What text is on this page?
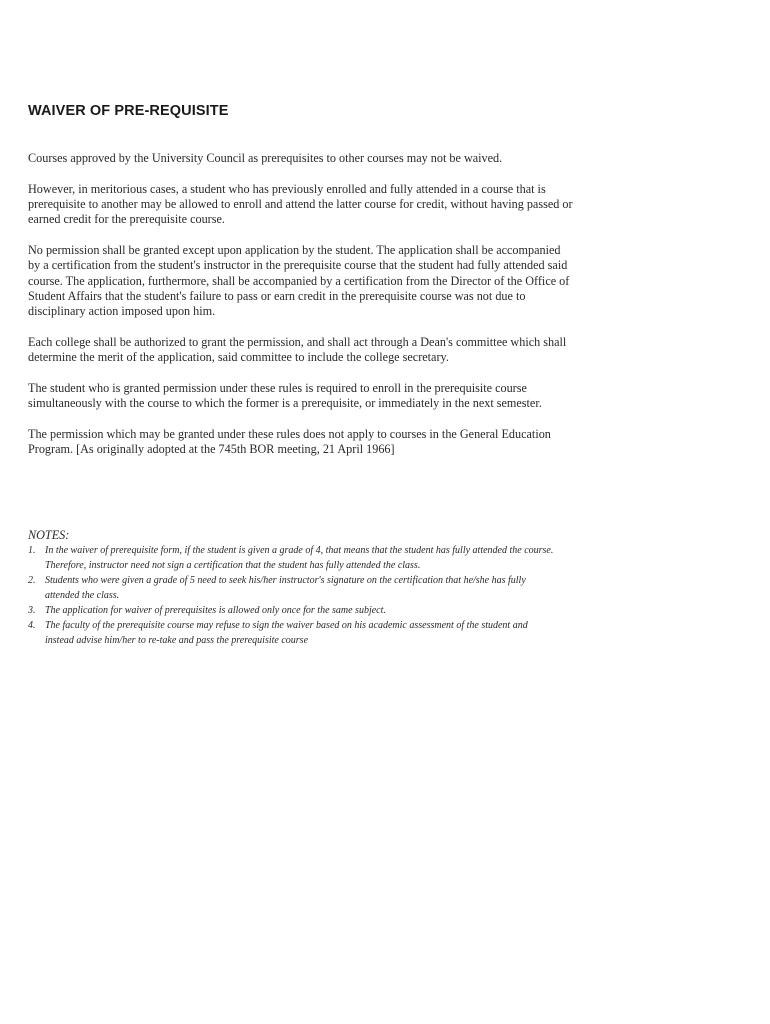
WAIVER OF PRE-REQUISITE

Courses approved by the University Council as prerequisites to other courses may not be waived.

However, in meritorious cases, a student who has previously enrolled and fully attended in a course that is prerequisite to another may be allowed to enroll and attend the latter course for credit, without having passed or earned credit for the prerequisite course.

No permission shall be granted except upon application by the student. The application shall be accompanied by a certification from the student's instructor in the prerequisite course that the student had fully attended said course. The application, furthermore, shall be accompanied by a certification from the Director of the Office of Student Affairs that the student's failure to pass or earn credit in the prerequisite course was not due to disciplinary action imposed upon him.

Each college shall be authorized to grant the permission, and shall act through a Dean's committee which shall determine the merit of the application, said committee to include the college secretary.

The student who is granted permission under these rules is required to enroll in the prerequisite course simultaneously with the course to which the former is a prerequisite, or immediately in the next semester.

The permission which may be granted under these rules does not apply to courses in the General Education Program. [As originally adopted at the 745th BOR meeting, 21 April 1966]

NOTES:

1. In the waiver of prerequisite form, if the student is given a grade of 4, that means that the student has fully attended the course. Therefore, instructor need not sign a certification that the student has fully attended the class.
2. Students who were given a grade of 5 need to seek his/her instructor's signature on the certification that he/she has fully attended the class.
3. The application for waiver of prerequisites is allowed only once for the same subject.
4. The faculty of the prerequisite course may refuse to sign the waiver based on his academic assessment of the student and instead advise him/her to re-take and pass the prerequisite course
